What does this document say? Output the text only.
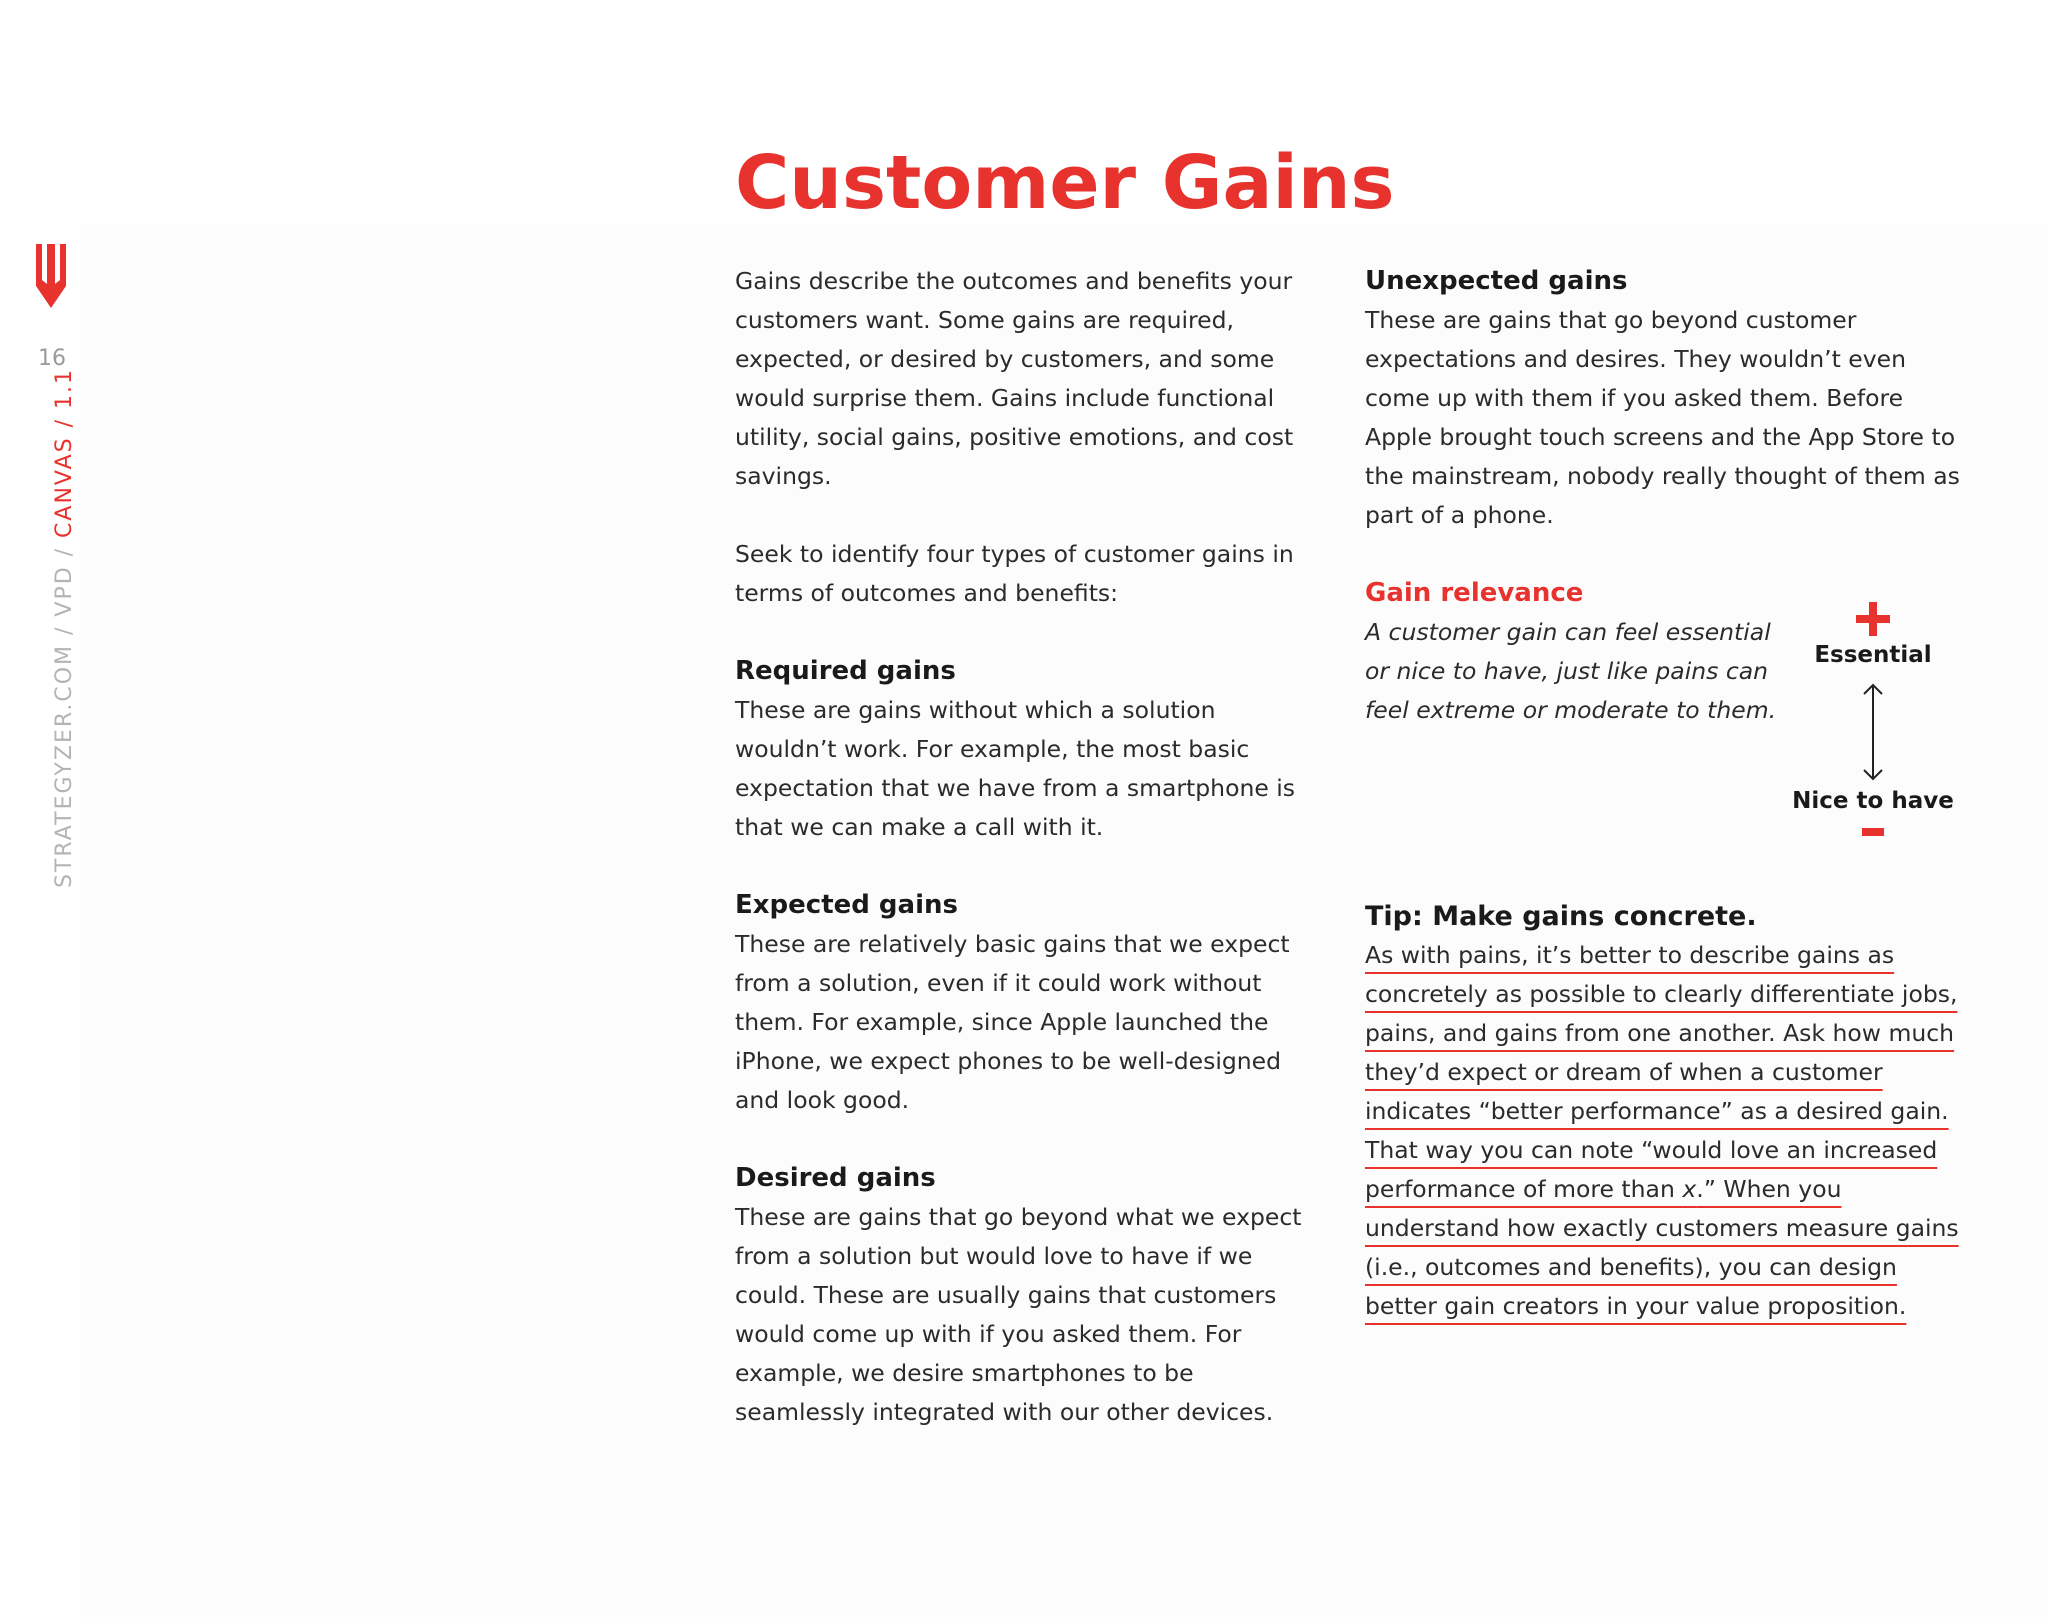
16
STRATEGYZER.COM / VPD / CANVAS / 1.1
Customer Gains

Gains describe the outcomes and benefits your customers want. Some gains are required, expected, or desired by customers, and some would surprise them. Gains include functional utility, social gains, positive emotions, and cost savings.

Seek to identify four types of customer gains in terms of outcomes and benefits:

Required gains

These are gains without which a solution wouldn’t work. For example, the most basic expectation that we have from a smartphone is that we can make a call with it.

Expected gains

These are relatively basic gains that we expect from a solution, even if it could work without them. For example, since Apple launched the iPhone, we expect phones to be well-designed and look good.

Desired gains

These are gains that go beyond what we expect from a solution but would love to have if we could. These are usually gains that customers would come up with if you asked them. For example, we desire smartphones to be seamlessly integrated with our other devices.

Unexpected gains

These are gains that go beyond customer expectations and desires. They wouldn’t even come up with them if you asked them. Before Apple brought touch screens and the App Store to the mainstream, nobody really thought of them as part of a phone.

Gain relevance

A customer gain can feel essential or nice to have, just like pains can feel extreme or moderate to them.

Essential
Nice to have
Tip: Make gains concrete.

As with pains, it’s better to describe gains as concretely as possible to clearly differentiate jobs, pains, and gains from one another. Ask how much they’d expect or dream of when a customer indicates “better performance” as a desired gain. That way you can note “would love an increased performance of more than x.” When you understand how exactly customers measure gains (i.e., outcomes and benefits), you can design better gain creators in your value proposition.
